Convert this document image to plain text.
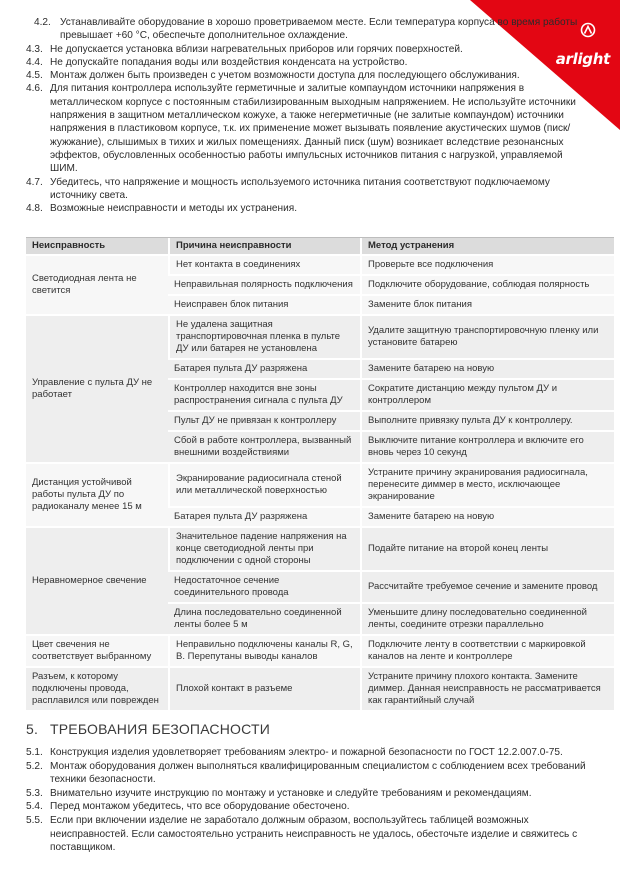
arlight
4.2. Устанавливайте оборудование в хорошо проветриваемом месте. Если температура корпуса во время работы превышает +60 °С, обеспечьте дополнительное охлаждение.
4.3. Не допускается установка вблизи нагревательных приборов или горячих поверхностей.
4.4. Не допускайте попадания воды или воздействия конденсата на устройство.
4.5. Монтаж должен быть произведен с учетом возможности доступа для последующего обслуживания.
4.6. Для питания контроллера используйте герметичные и залитые компаундом источники напряжения в металлическом корпусе с постоянным стабилизированным выходным напряжением. Не используйте источники напряжения в защитном металлическом кожухе, а также негерметичные (не залитые компаундом) источники напряжения в пластиковом корпусе, т.к. их применение может вызывать появление акустических шумов (писк/жужжание), слышимых в тихих и жилых помещениях. Данный писк (шум) возникает вследствие резонансных эффектов, обусловленных особенностью работы импульсных источников питания с нагрузкой, управляемой ШИМ.
4.7. Убедитесь, что напряжение и мощность используемого источника питания соответствуют подключаемому источнику света.
4.8. Возможные неисправности и методы их устранения.
Неисправность	Причина неисправности	Метод устранения
Светодиодная лента не светится	Нет контакта в соединениях	Проверьте все подключения
	Неправильная полярность подключения	Подключите оборудование, соблюдая полярность
	Неисправен блок питания	Замените блок питания
Управление с пульта ДУ не работает	Не удалена защитная транспортировочная пленка в пульте ДУ или батарея не установлена	Удалите защитную транспортировочную пленку или установите батарею
	Батарея пульта ДУ разряжена	Замените батарею на новую
	Контроллер находится вне зоны распространения сигнала с пульта ДУ	Сократите дистанцию между пультом ДУ и контроллером
	Пульт ДУ не привязан к контроллеру	Выполните привязку пульта ДУ к контроллеру.
	Сбой в работе контроллера, вызванный внешними воздействиями	Выключите питание контроллера и включите его вновь через 10 секунд
Дистанция устойчивой работы пульта ДУ по радиоканалу менее 15 м	Экранирование радиосигнала стеной или металлической поверхностью	Устраните причину экранирования радиосигнала, перенесите диммер в место, исключающее экранирование
	Батарея пульта ДУ разряжена	Замените батарею на новую
Неравномерное свечение	Значительное падение напряжения на конце светодиодной ленты при подключении с одной стороны	Подайте питание на второй конец ленты
	Недостаточное сечение соединительного провода	Рассчитайте требуемое сечение и замените провод
	Длина последовательно соединенной ленты более 5 м	Уменьшите длину последовательно соединенной ленты, соедините отрезки параллельно
Цвет свечения не соответствует выбранному	Неправильно подключены каналы R, G, B. Перепутаны выводы каналов	Подключите ленту в соответствии с маркировкой каналов на ленте и контроллере
Разъем, к которому подключены провода, расплавился или поврежден	Плохой контакт в разъеме	Устраните причину плохого контакта. Замените диммер. Данная неисправность не рассматривается как гарантийный случай
5. ТРЕБОВАНИЯ БЕЗОПАСНОСТИ
5.1. Конструкция изделия удовлетворяет требованиям электро- и пожарной безопасности по ГОСТ 12.2.007.0-75.
5.2. Монтаж оборудования должен выполняться квалифицированным специалистом с соблюдением всех требований техники безопасности.
5.3. Внимательно изучите инструкцию по монтажу и установке и следуйте требованиям и рекомендациям.
5.4. Перед монтажом убедитесь, что все оборудование обесточено.
5.5. Если при включении изделие не заработало должным образом, воспользуйтесь таблицей возможных неисправностей. Если самостоятельно устранить неисправность не удалось, обесточьте изделие и свяжитесь с поставщиком.
